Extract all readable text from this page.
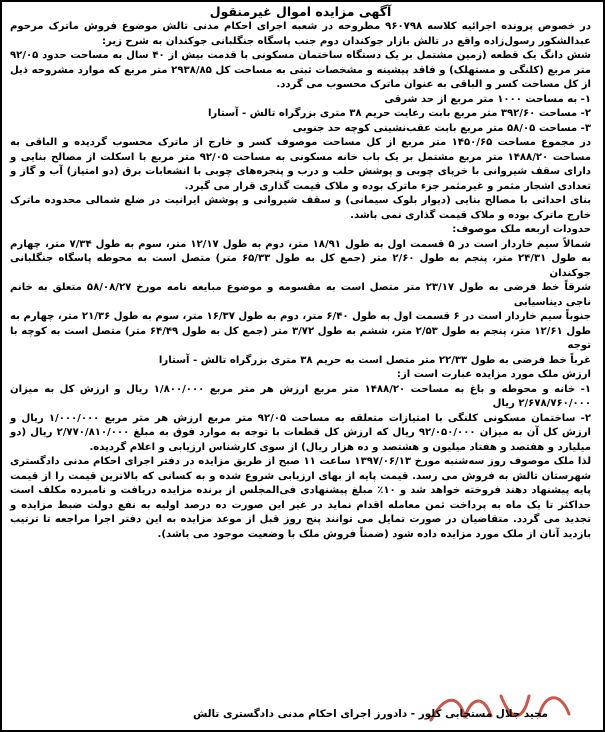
آگهی مزایده اموال غیرمنقول

در خصوص پرونده اجرائیه کلاسه ۹۶۰۷۹۸ مطروحه در شعبه اجرای احکام مدنی تالش موضوع فروش ماترک مرحوم عبدالشکور رسول‌زاده واقع در تالش بازار جوکندان دوم جنب پاسگاه جنگلبانی جوکندان به شرح زیر:

شش دانگ یک قطعه (زمین مشتمل بر یک دستگاه ساختمان مسکونی با قدمت بیش از ۴۰ سال به مساحت حدود ۹۲/۰۵ متر مربع (کلنگی و مستهلک) و فاقد پیشینه و مشخصات ثبتی به مساحت کل ۲۹۳۸/۸۵ متر مربع که موارد مشروحه ذیل از کل مساحت کسر و الباقی به عنوان ماترک محسوب می گردد.

۱- به مساحت ۱۰۰۰ متر مربع از حد شرقی

۲- مساحت ۳۹۲/۶۰ متر مربع بابت رعایت حریم ۳۸ متری بزرگراه تالش - آستارا

۳- مساحت ۵۸/۰۵ متر مربع بابت عقب‌نشینی کوچه حد جنوبی

در مجموع مساحت ۱۴۵۰/۶۵ متر مربع از کل مساحت موصوف کسر و خارج از ماترک محسوب گردیده و الباقی به مساحت ۱۴۸۸/۲۰ متر مربع مشتمل بر یک باب خانه مسکونی به مساحت ۹۲/۰۵ متر مربع با اسکلت از مصالح بنایی و دارای سقف شیروانی با خرپای چوبی و پوشش حلب و درب و پنجره‌های چوبی با انشعابات برق (دو امتیاز) آب و گاز و تعدادی اشجار مثمر و غیرمثمر جزء ماترک بوده و ملاک قیمت گذاری قرار می گیرد.

بنای احداثی با مصالح بنایی (دیوار بلوک سیمانی) و سقف شیروانی و پوشش ایرانیت در ضلع شمالی محدوده ماترک خارج ماترک بوده و ملاک قیمت گذاری نمی باشد.

حدودات اربعه ملک موصوف:

شمالاً سیم خاردار است در ۵ قسمت اول به طول ۱۸/۹۱ متر، دوم به طول ۱۲/۱۷ متر، سوم به طول ۷/۳۴ متر، چهارم به طول ۲۴/۳۱ متر، پنجم به طول ۲/۶۰ متر (جمع کل به طول ۶۵/۳۳ متر) متصل است به محوطه پاسگاه جنگلبانی جوکندان

شرقاً خط فرضی به طول ۲۳/۱۷ متر متصل است به مقسومه و موضوع مبایعه نامه مورخ ۵۸/۰۸/۲۷ متعلق به خانم ناجی دیناسیابی

جنوباً سیم خاردار است در ۶ قسمت اول به طول ۶/۴۰ متر، دوم به طول ۱۶/۳۷ متر، سوم به طول ۲۱/۳۶ متر، چهارم به طول ۱۲/۶۱ متر، پنجم به طول ۲/۵۳ متر، ششم به طول ۳/۷۲ متر (جمع کل به طول ۶۴/۴۹ متر) متصل است به کوچه با توجه

غرباً خط فرضی به طول ۲۲/۳۳ متر متصل است به حریم ۳۸ متری بزرگراه تالش - آستارا

ارزش ملک مورد مزایده عبارت است از:

۱- خانه و محوطه و باغ به مساحت ۱۴۸۸/۲۰ متر مربع ارزش هر متر مربع ۱/۸۰۰/۰۰۰ ریال و ارزش کل به میزان ۲/۶۷۸/۷۶۰/۰۰۰ ریال

۲- ساختمان مسکونی کلنگی با امتیازات متعلقه به مساحت ۹۲/۰۵ متر مربع ارزش هر متر مربع ۱/۰۰۰/۰۰۰ ریال و ارزش کل آن به میزان ۹۲/۰۵۰/۰۰۰ ریال که ارزش کل قطعات با توجه به موارد فوق به مبلغ ۲/۷۷۰/۸۱۰/۰۰۰ ریال (دو میلیارد و هفتصد و هفتاد میلیون و هشتصد و ده هزار ریال) از سوی کارشناس ارزیابی و اعلام گردیده.

لذا ملک موصوف روز سه‌شنبه مورخ ۱۳۹۷/۰۶/۱۳ ساعت ۱۱ صبح از طریق مزایده در دفتر اجرای احکام مدنی دادگستری شهرستان تالش به فروش می رسد. قیمت پایه از بهای ارزیابی شروع شده و به کسانی که بالاترین قیمت را از قیمت پایه پیشنهاد دهند فروخته خواهد شد و ۱۰٪ مبلغ پیشنهادی فی‌المجلس از برنده مزایده دریافت و نامبرده مکلف است حداکثر تا یک ماه به پرداخت ثمن معامله اقدام نماید در غیر این صورت ده درصد اولیه به نفع دولت ضبط مزایده و تجدید می گردد. متقاضیان در صورت تمایل می توانند پنج روز قبل از موعد مزایده به این دفتر اجرا مراجعه تا ترتیب بازدید آنان از ملک مورد مزایده داده شود (ضمناً فروش ملک با وضعیت موجود می باشد).

مجید جلال مستجابی کلور - دادورز اجرای احکام مدنی دادگستری تالش
